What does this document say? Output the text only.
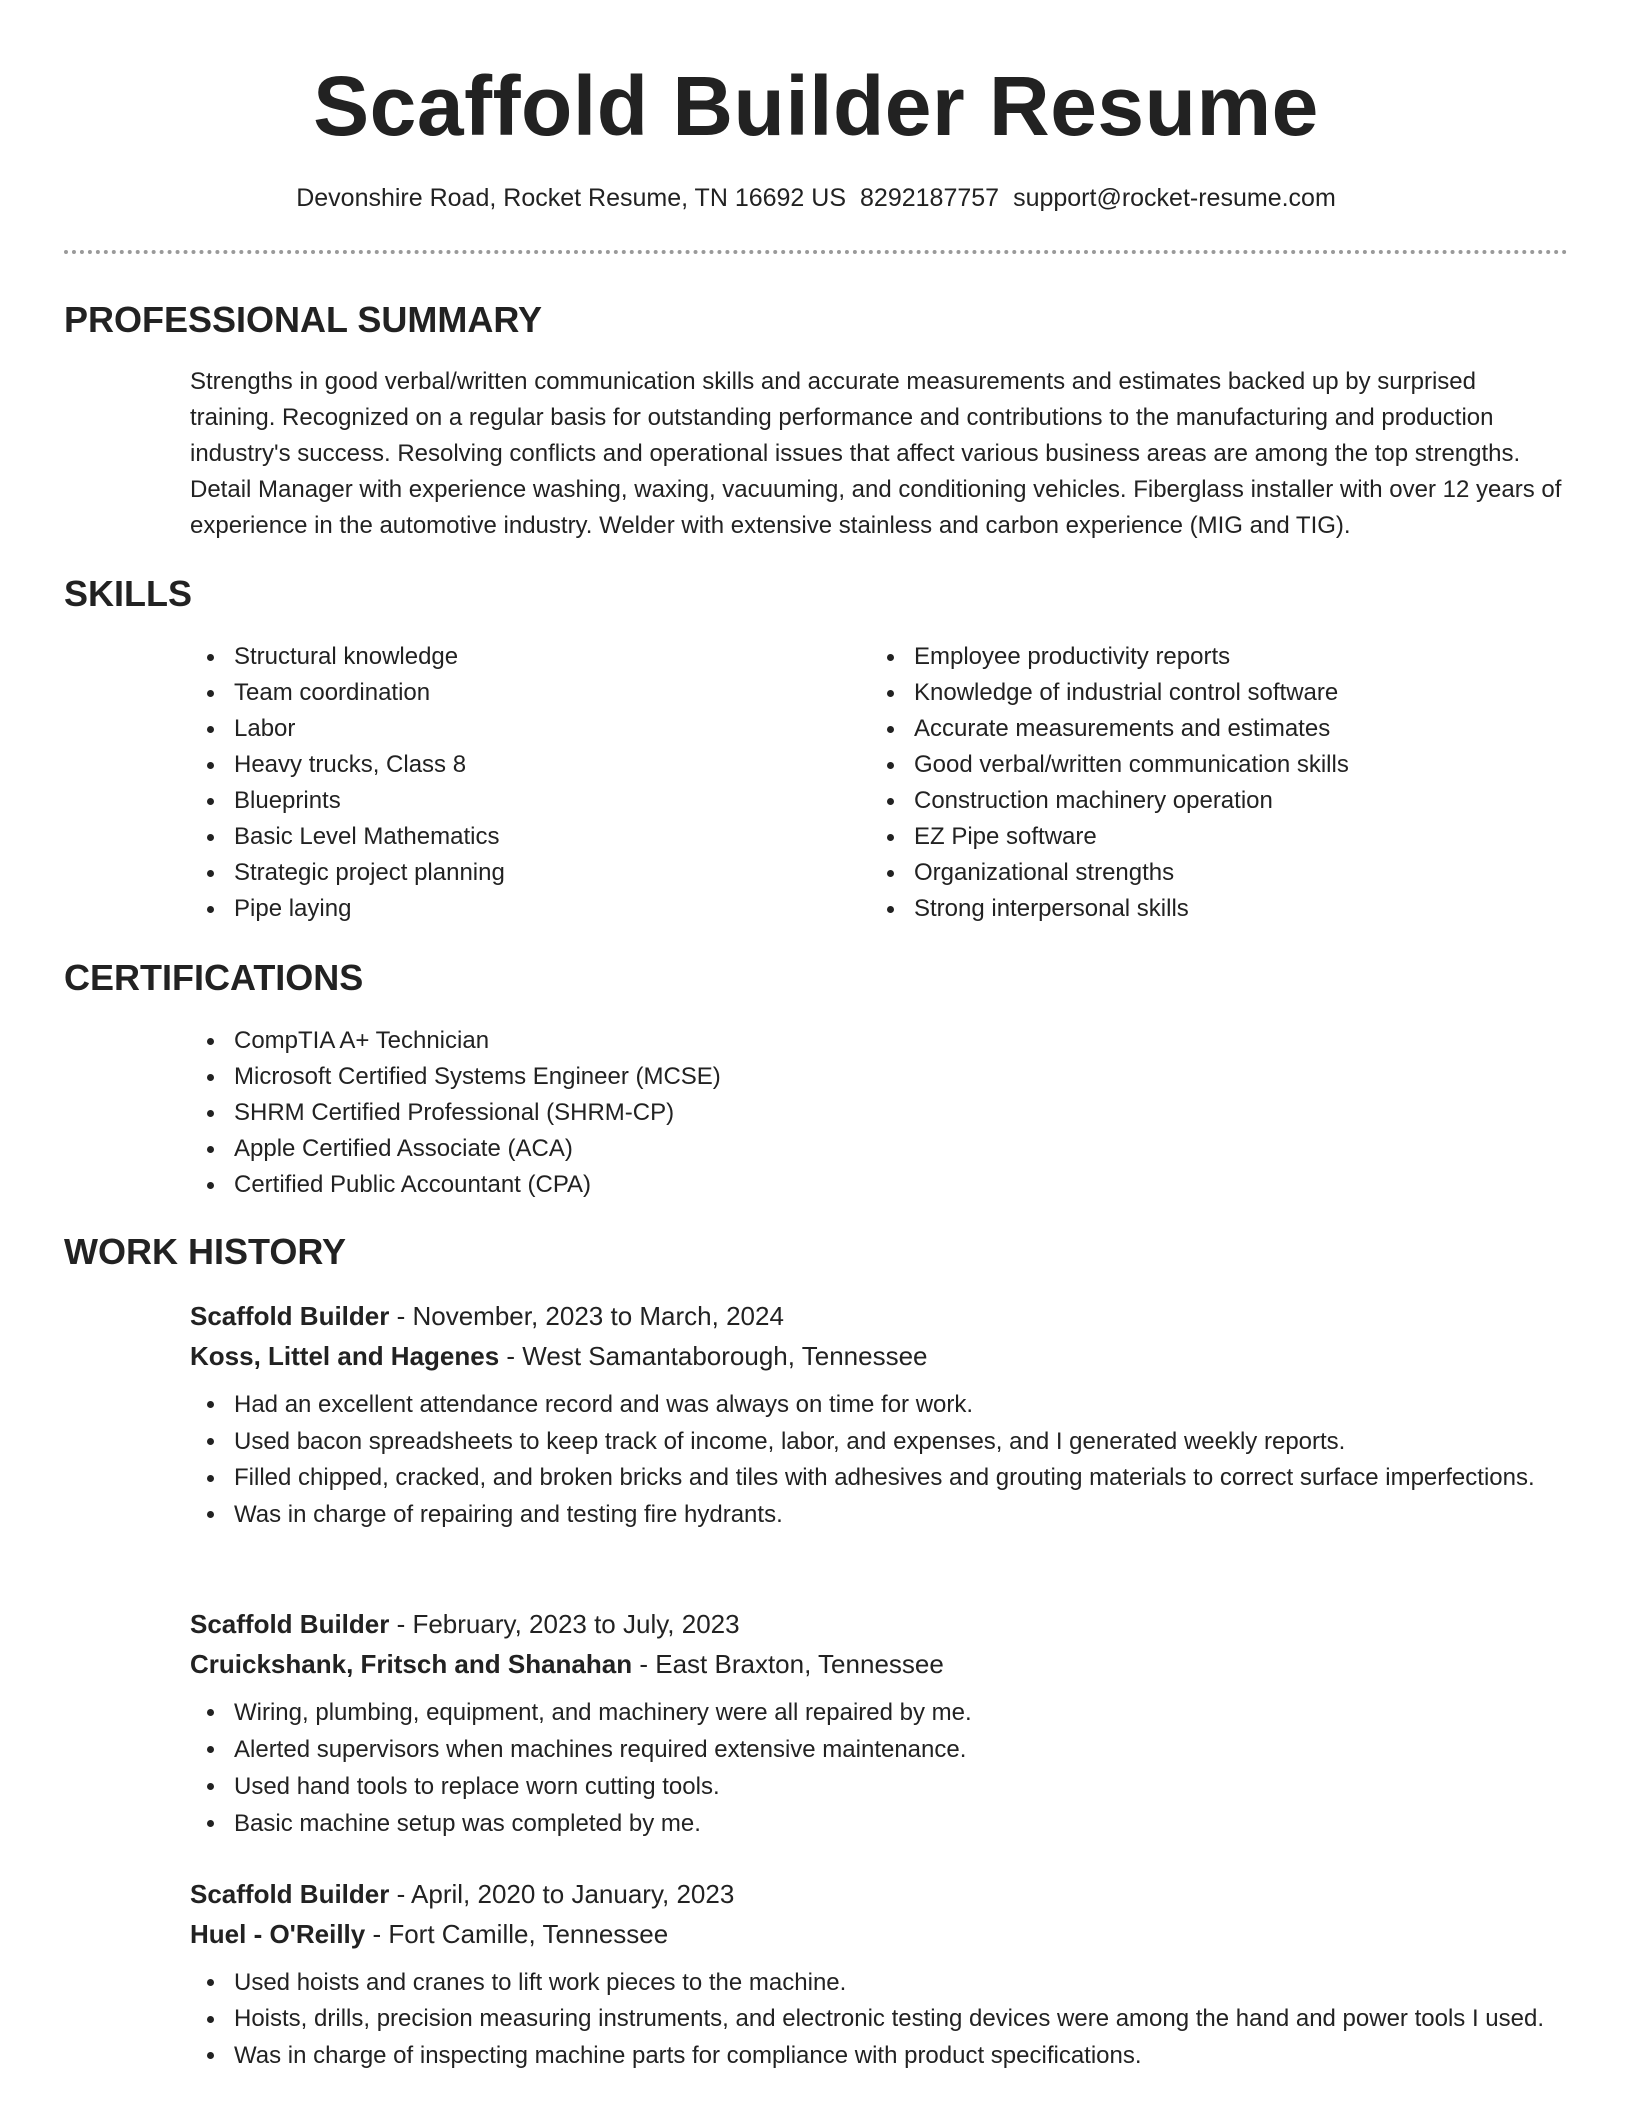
Scaffold Builder Resume
Devonshire Road, Rocket Resume, TN 16692 US 8292187757 support@rocket-resume.com
PROFESSIONAL SUMMARY

Strengths in good verbal/written communication skills and accurate measurements and estimates backed up by surprised training. Recognized on a regular basis for outstanding performance and contributions to the manufacturing and production industry's success. Resolving conflicts and operational issues that affect various business areas are among the top strengths. Detail Manager with experience washing, waxing, vacuuming, and conditioning vehicles. Fiberglass installer with over 12 years of experience in the automotive industry. Welder with extensive stainless and carbon experience (MIG and TIG).

SKILLS
Structural knowledge
Team coordination
Labor
Heavy trucks, Class 8
Blueprints
Basic Level Mathematics
Strategic project planning
Pipe laying
Employee productivity reports
Knowledge of industrial control software
Accurate measurements and estimates
Good verbal/written communication skills
Construction machinery operation
EZ Pipe software
Organizational strengths
Strong interpersonal skills
CERTIFICATIONS
CompTIA A+ Technician
Microsoft Certified Systems Engineer (MCSE)
SHRM Certified Professional (SHRM-CP)
Apple Certified Associate (ACA)
Certified Public Accountant (CPA)
WORK HISTORY
Scaffold Builder - November, 2023 to March, 2024
Koss, Littel and Hagenes - West Samantaborough, Tennessee
Had an excellent attendance record and was always on time for work.
Used bacon spreadsheets to keep track of income, labor, and expenses, and I generated weekly reports.
Filled chipped, cracked, and broken bricks and tiles with adhesives and grouting materials to correct surface imperfections.
Was in charge of repairing and testing fire hydrants.
Scaffold Builder - February, 2023 to July, 2023
Cruickshank, Fritsch and Shanahan - East Braxton, Tennessee
Wiring, plumbing, equipment, and machinery were all repaired by me.
Alerted supervisors when machines required extensive maintenance.
Used hand tools to replace worn cutting tools.
Basic machine setup was completed by me.
Scaffold Builder - April, 2020 to January, 2023
Huel - O'Reilly - Fort Camille, Tennessee
Used hoists and cranes to lift work pieces to the machine.
Hoists, drills, precision measuring instruments, and electronic testing devices were among the hand and power tools I used.
Was in charge of inspecting machine parts for compliance with product specifications.
